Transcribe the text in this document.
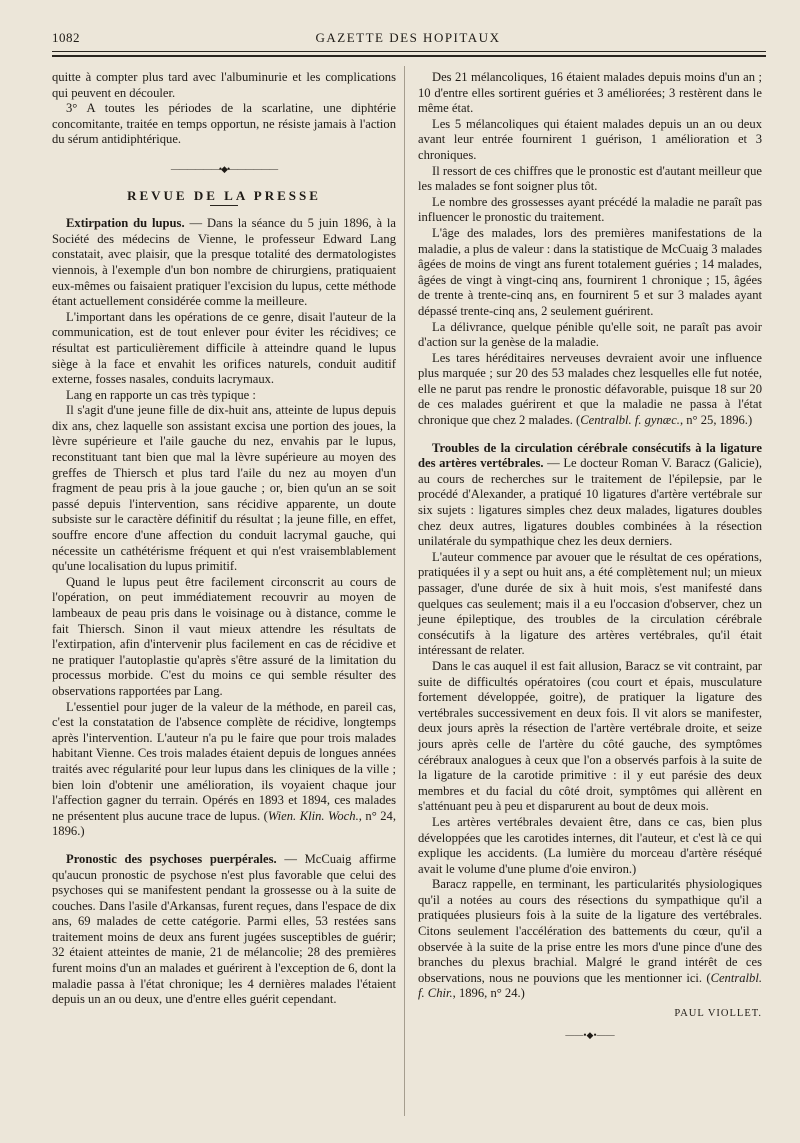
1082	GAZETTE DES HOPITAUX

quitte à compter plus tard avec l'albuminurie et les complications qui peuvent en découler.

3° A toutes les périodes de la scarlatine, une diphtérie concomitante, traitée en temps opportun, ne résiste jamais à l'action du sérum antidiphtérique.

——————•◆•——————
REVUE DE LA PRESSE

Extirpation du lupus. — Dans la séance du 5 juin 1896, à la Société des médecins de Vienne, le professeur Edward Lang constatait, avec plaisir, que la presque totalité des dermatologistes viennois, à l'exemple d'un bon nombre de chirurgiens, pratiquaient eux-mêmes ou faisaient pratiquer l'excision du lupus, cette méthode étant actuellement considérée comme la meilleure.

L'important dans les opérations de ce genre, disait l'auteur de la communication, est de tout enlever pour éviter les récidives; ce résultat est particulièrement difficile à atteindre quand le lupus siège à la face et envahit les orifices naturels, conduit auditif externe, fosses nasales, conduits lacrymaux.

Lang en rapporte un cas très typique :

Il s'agit d'une jeune fille de dix-huit ans, atteinte de lupus depuis dix ans, chez laquelle son assistant excisa une portion des joues, la lèvre supérieure et l'aile gauche du nez, envahis par le lupus, reconstituant tant bien que mal la lèvre supérieure au moyen des greffes de Thiersch et plus tard l'aile du nez au moyen d'un fragment de peau pris à la joue gauche ; or, bien qu'un an se soit passé depuis l'intervention, sans récidive apparente, un doute subsiste sur le caractère définitif du résultat ; la jeune fille, en effet, souffre encore d'une affection du conduit lacrymal gauche, qui nécessite un cathétérisme fréquent et qui n'est vraisemblablement qu'une localisation du lupus primitif.

Quand le lupus peut être facilement circonscrit au cours de l'opération, on peut immédiatement recouvrir au moyen de lambeaux de peau pris dans le voisinage ou à distance, comme le fait Thiersch. Sinon il vaut mieux attendre les résultats de l'extirpation, afin d'intervenir plus facilement en cas de récidive et ne pratiquer l'autoplastie qu'après s'être assuré de la limitation du processus morbide. C'est du moins ce qui semble résulter des observations rapportées par Lang.

L'essentiel pour juger de la valeur de la méthode, en pareil cas, c'est la constatation de l'absence complète de récidive, longtemps après l'intervention. L'auteur n'a pu le faire que pour trois malades habitant Vienne. Ces trois malades étaient depuis de longues années traités avec régularité pour leur lupus dans les cliniques de la ville ; bien loin d'obtenir une amélioration, ils voyaient chaque jour l'affection gagner du terrain. Opérés en 1893 et 1894, ces malades ne présentent plus aucune trace de lupus. (Wien. Klin. Woch., n° 24, 1896.)

Pronostic des psychoses puerpérales. — McCuaig affirme qu'aucun pronostic de psychose n'est plus favorable que celui des psychoses qui se manifestent pendant la grossesse ou à la suite de couches. Dans l'asile d'Arkansas, furent reçues, dans l'espace de dix ans, 69 malades de cette catégorie. Parmi elles, 53 restées sans traitement moins de deux ans furent jugées susceptibles de guérir; 32 étaient atteintes de manie, 21 de mélancolie; 28 des premières furent moins d'un an malades et guérirent à l'exception de 6, dont la maladie passa à l'état chronique; les 4 dernières malades l'étaient depuis un an ou deux, une d'entre elles guérit cependant.

Des 21 mélancoliques, 16 étaient malades depuis moins d'un an ; 10 d'entre elles sortirent guéries et 3 améliorées; 3 restèrent dans le même état.

Les 5 mélancoliques qui étaient malades depuis un an ou deux avant leur entrée fournirent 1 guérison, 1 amélioration et 3 chroniques.

Il ressort de ces chiffres que le pronostic est d'autant meilleur que les malades se font soigner plus tôt.

Le nombre des grossesses ayant précédé la maladie ne paraît pas influencer le pronostic du traitement.

L'âge des malades, lors des premières manifestations de la maladie, a plus de valeur : dans la statistique de McCuaig 3 malades âgées de moins de vingt ans furent totalement guéries ; 14 malades, âgées de vingt à vingt-cinq ans, fournirent 1 chronique ; 15, âgées de trente à trente-cinq ans, en fournirent 5 et sur 3 malades ayant dépassé trente-cinq ans, 2 seulement guérirent.

La délivrance, quelque pénible qu'elle soit, ne paraît pas avoir d'action sur la genèse de la maladie.

Les tares héréditaires nerveuses devraient avoir une influence plus marquée ; sur 20 des 53 malades chez lesquelles elle fut notée, elle ne parut pas rendre le pronostic défavorable, puisque 18 sur 20 de ces malades guérirent et que la maladie ne passa à l'état chronique que chez 2 malades. (Centralbl. f. gynæc., n° 25, 1896.)

Troubles de la circulation cérébrale consécutifs à la ligature des artères vertébrales. — Le docteur Roman V. Baracz (Galicie), au cours de recherches sur le traitement de l'épilepsie, par le procédé d'Alexander, a pratiqué 10 ligatures d'artère vertébrale sur six sujets : ligatures simples chez deux malades, ligatures doubles chez deux autres, ligatures doubles combinées à la résection unilatérale du sympathique chez les deux derniers.

L'auteur commence par avouer que le résultat de ces opérations, pratiquées il y a sept ou huit ans, a été complètement nul; un mieux passager, d'une durée de six à huit mois, s'est manifesté dans quelques cas seulement; mais il a eu l'occasion d'observer, chez un jeune épileptique, des troubles de la circulation cérébrale consécutifs à la ligature des artères vertébrales, qu'il était intéressant de relater.

Dans le cas auquel il est fait allusion, Baracz se vit contraint, par suite de difficultés opératoires (cou court et épais, musculature fortement développée, goitre), de pratiquer la ligature des vertébrales successivement en deux fois. Il vit alors se manifester, deux jours après la résection de l'artère vertébrale droite, et seize jours après celle de l'artère du côté gauche, des symptômes cérébraux analogues à ceux que l'on a observés parfois à la suite de la ligature de la carotide primitive : il y eut parésie des deux membres et du facial du côté droit, symptômes qui allèrent en s'atténuant peu à peu et disparurent au bout de deux mois.

Les artères vertébrales devaient être, dans ce cas, bien plus développées que les carotides internes, dit l'auteur, et c'est là ce qui explique les accidents. (La lumière du morceau d'artère réséqué avait le volume d'une plume d'oie environ.)

Baracz rappelle, en terminant, les particularités physiologiques qu'il a notées au cours des résections du sympathique qu'il a pratiquées plusieurs fois à la suite de la ligature des vertébrales. Citons seulement l'accélération des battements du cœur, qu'il a observée à la suite de la prise entre les mors d'une pince d'une des branches du plexus brachial. Malgré le grand intérêt de ces observations, nous ne pouvions que les mentionner ici. (Centralbl. f. Chir., 1896, n° 24.)

PAUL VIOLLET.
——•◆•——
